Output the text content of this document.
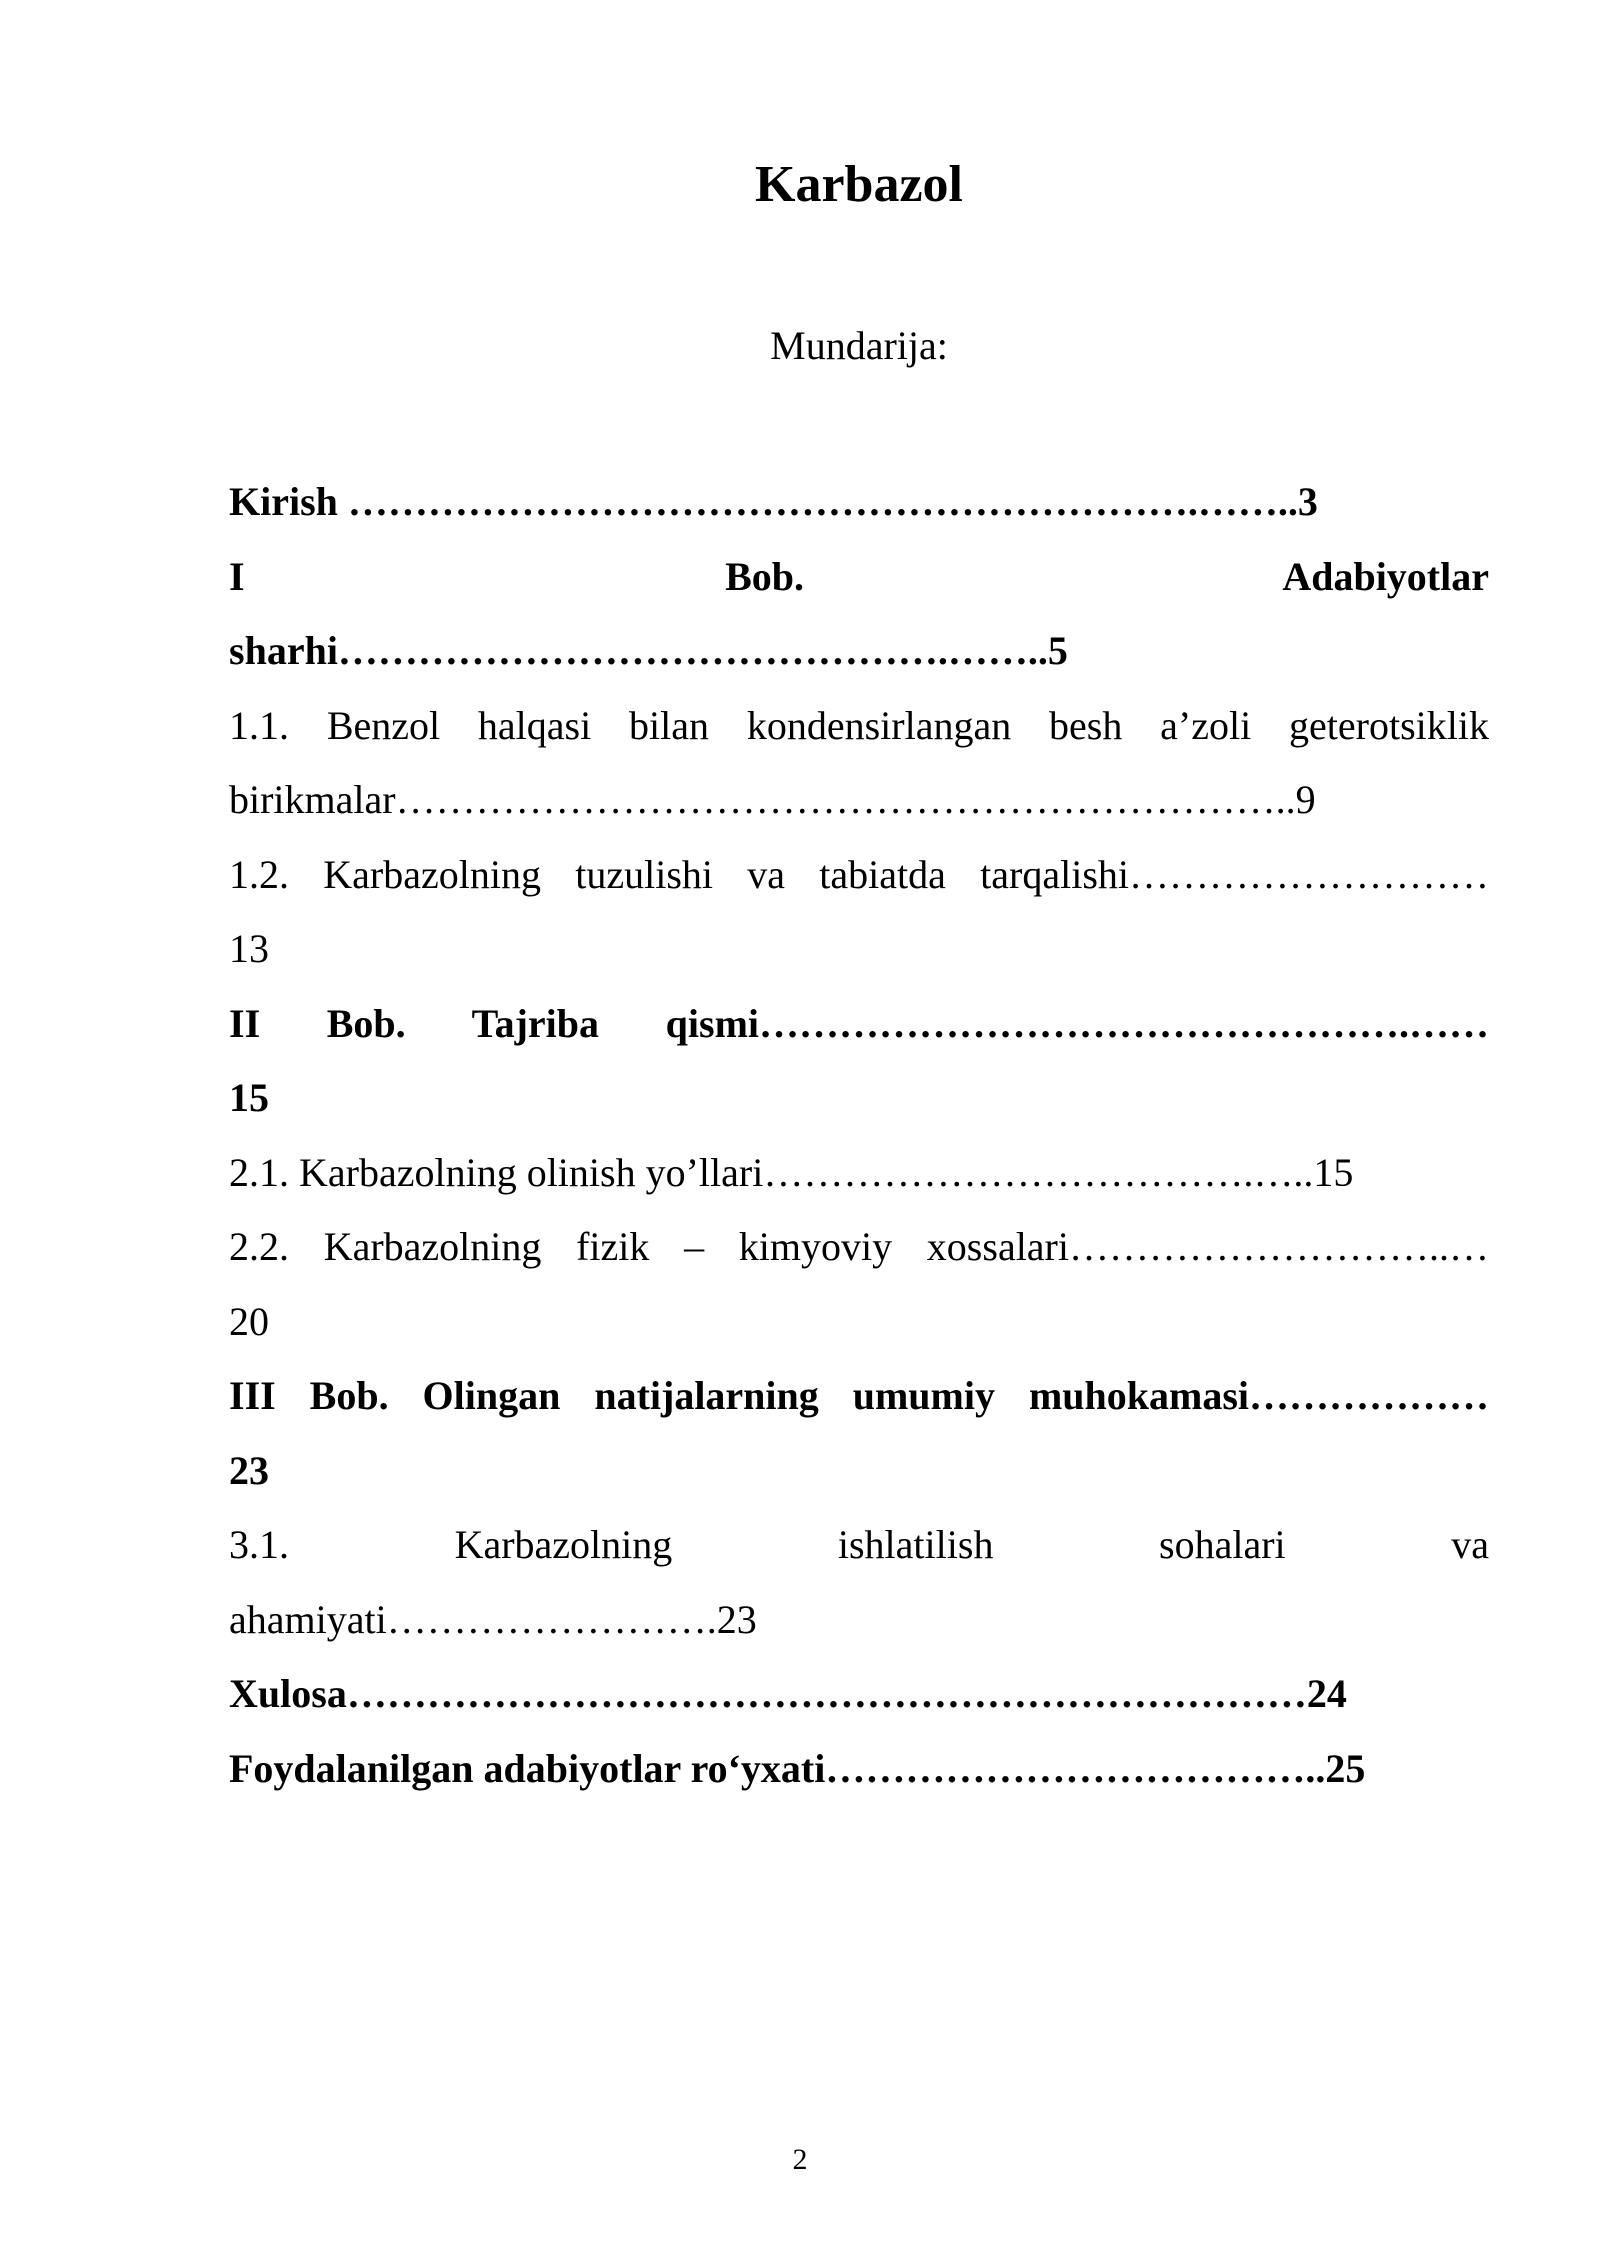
Karbazol

Mundarija:

Kirish ……………………………………………………….……..3
I Bob. Adabiyotlar
sharhi……………………………………….……..5
1.1. Benzol halqasi bilan kondensirlangan besh a’zoli geterotsiklik
birikmalar…………………………………………………………..9
1.2. Karbazolning tuzulishi va tabiatda tarqalishi………………………
13
II Bob. Tajriba qismi………………………………………….……
15
2.1. Karbazolning olinish yo’llari……………………………….…..15
2.2. Karbazolning fizik – kimyoviy xossalari………………………..…
20
III Bob. Olingan natijalarning umumiy muhokamasi………………
23
3.1. Karbazolning ishlatilish sohalari va
ahamiyati…………………….23
Xulosa………………………………………………………………24
Foydalanilgan adabiyotlar ro‘yxati………………………………..25
2
